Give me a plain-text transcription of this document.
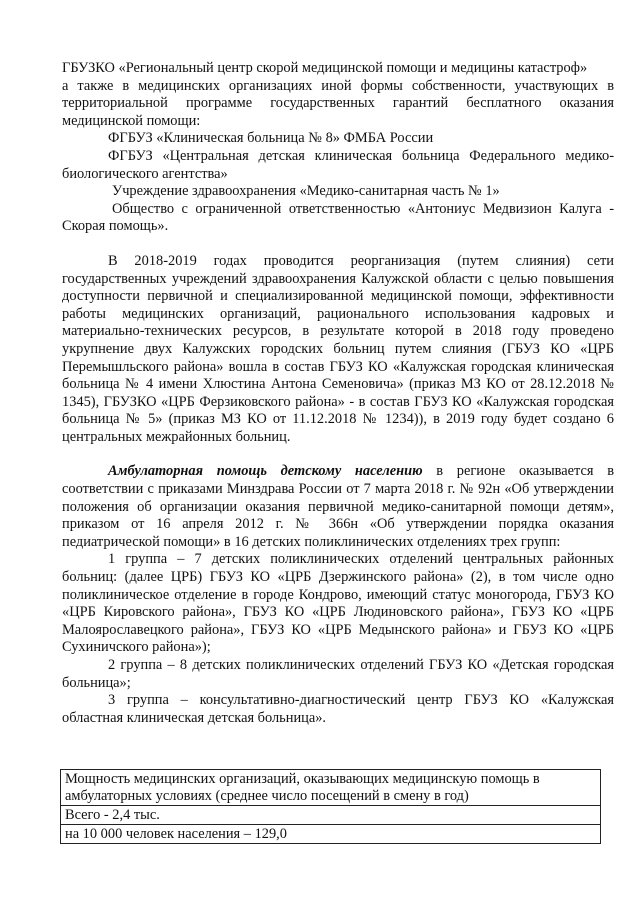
ГБУЗКО «Региональный центр скорой медицинской помощи и медицины катастроф»

а также в медицинских организациях иной формы собственности, участвующих в территориальной программе государственных гарантий бесплатного оказания медицинской помощи:

ФГБУЗ «Клиническая больница № 8» ФМБА России

ФГБУЗ «Центральная детская клиническая больница Федерального медико-биологического агентства»

Учреждение здравоохранения «Медико-санитарная часть № 1»

Общество с ограниченной ответственностью «Антониус Медвизион Калуга - Скорая помощь».

В 2018-2019 годах проводится реорганизация (путем слияния) сети государственных учреждений здравоохранения Калужской области с целью повышения доступности первичной и специализированной медицинской помощи, эффективности работы медицинских организаций, рационального использования кадровых и материально-технических ресурсов, в результате которой в 2018 году проведено укрупнение двух Калужских городских больниц путем слияния (ГБУЗ КО «ЦРБ Перемышльского района» вошла в состав ГБУЗ КО «Калужская городская клиническая больница № 4 имени Хлюстина Антона Семеновича» (приказ МЗ КО от 28.12.2018 № 1345), ГБУЗКО «ЦРБ Ферзиковского района» - в состав ГБУЗ КО «Калужская городская больница № 5» (приказ МЗ КО от 11.12.2018 № 1234)), в 2019 году будет создано 6 центральных межрайонных больниц.

Амбулаторная помощь детскому населению в регионе оказывается в соответствии с приказами Минздрава России от 7 марта 2018 г. № 92н «Об утверждении положения об организации оказания первичной медико-санитарной помощи детям», приказом от 16 апреля 2012 г. № 366н «Об утверждении порядка оказания педиатрической помощи» в 16 детских поликлинических отделениях трех групп:

1 группа – 7 детских поликлинических отделений центральных районных больниц: (далее ЦРБ) ГБУЗ КО «ЦРБ Дзержинского района» (2), в том числе одно поликлиническое отделение в городе Кондрово, имеющий статус моногорода, ГБУЗ КО «ЦРБ Кировского района», ГБУЗ КО «ЦРБ Людиновского района», ГБУЗ КО «ЦРБ Малоярославецкого района», ГБУЗ КО «ЦРБ Медынского района» и ГБУЗ КО «ЦРБ Сухиничского района»);

2 группа – 8 детских поликлинических отделений ГБУЗ КО «Детская городская больница»;

3 группа – консультативно-диагностический центр ГБУЗ КО «Калужская областная клиническая детская больница».

Мощность медицинских организаций, оказывающих медицинскую помощь в амбулаторных условиях (среднее число посещений в смену в год)
Всего - 2,4 тыс.
на 10 000 человек населения – 129,0
